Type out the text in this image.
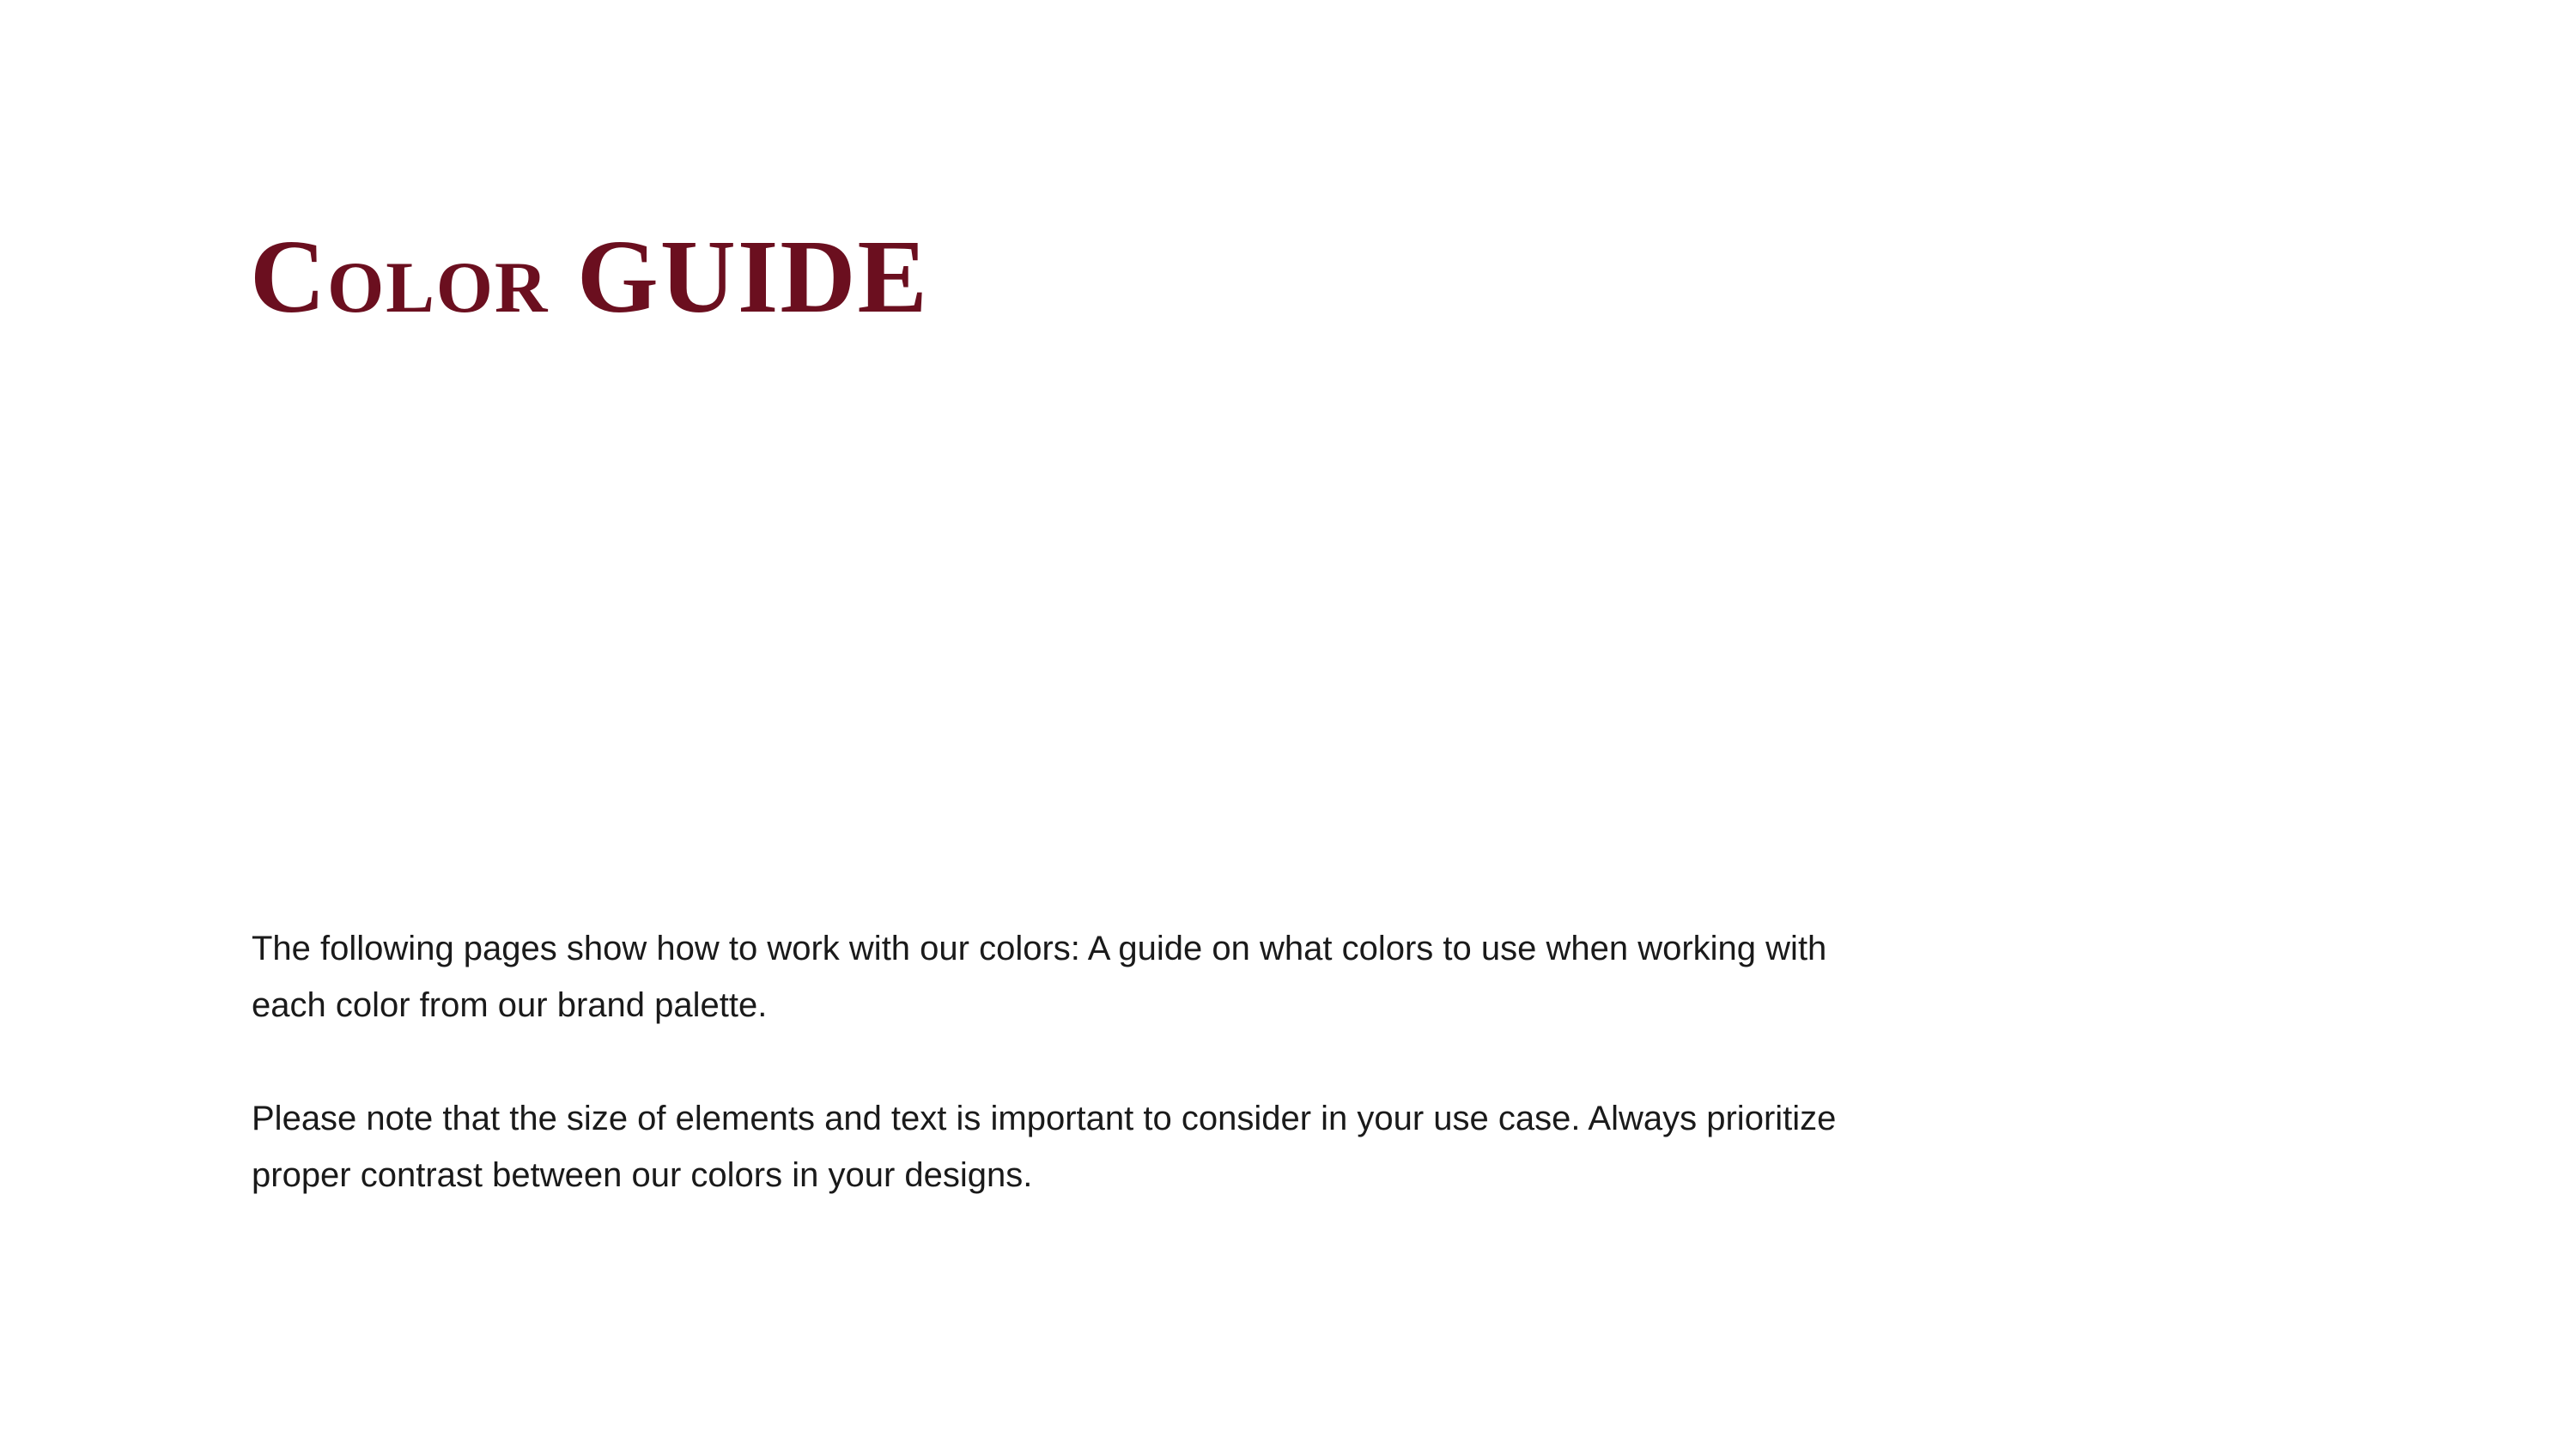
Color GUIDE

The following pages show how to work with our colors: A guide on what colors to use when working with each color from our brand palette.

Please note that the size of elements and text is important to consider in your use case. Always prioritize proper contrast between our colors in your designs.
